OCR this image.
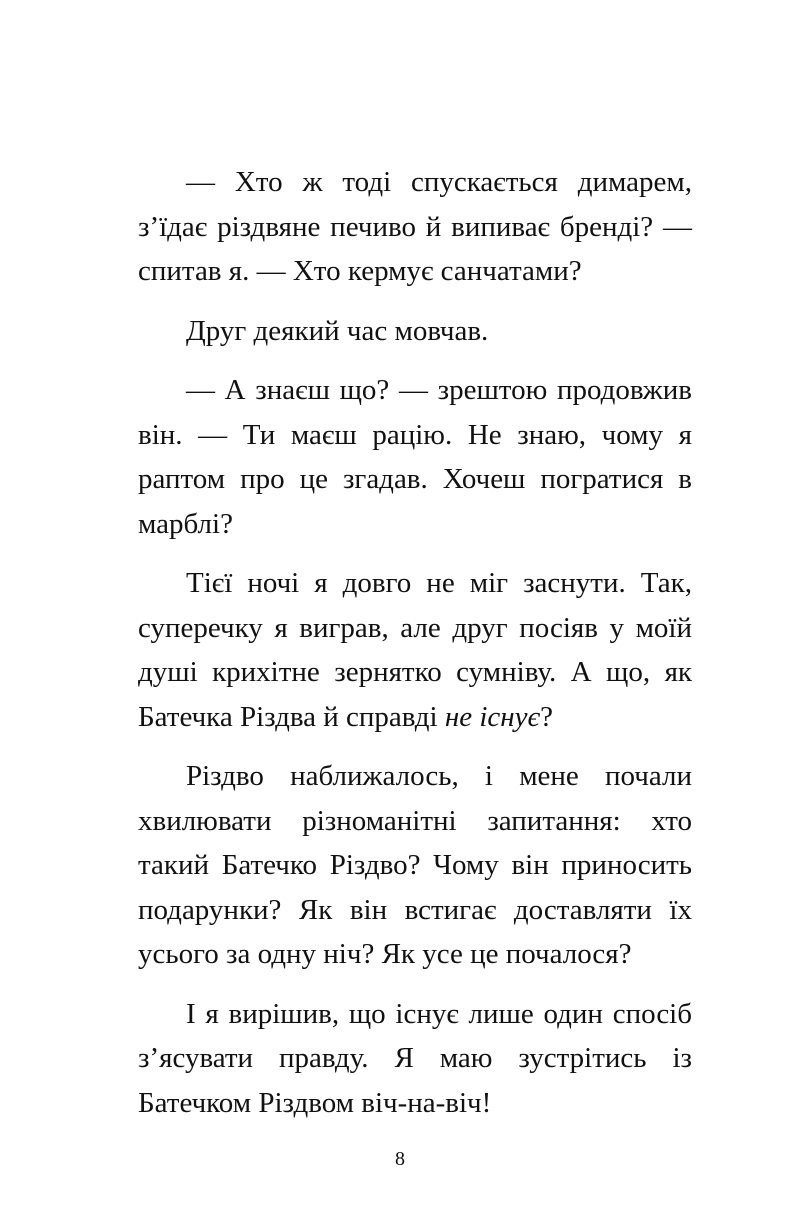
— Хто ж тоді спускається димарем, з’їдає різдвяне печиво й випиває бренді? — спитав я. — Хто кермує санчатами?

Друг деякий час мовчав.

— А знаєш що? — зрештою продовжив він. — Ти маєш рацію. Не знаю, чому я раптом про це згадав. Хочеш погратися в марблі?

Тієї ночі я довго не міг заснути. Так, суперечку я виграв, але друг посіяв у моїй душі крихітне зернятко сумніву. А що, як Батечка Різдва й справді не існує?

Різдво наближалось, і мене почали хвилювати різноманітні запитання: хто такий Батечко Різдво? Чому він приносить подарунки? Як він встигає доставляти їх усього за одну ніч? Як усе це почалося?

І я вирішив, що існує лише один спосіб з’ясувати правду. Я маю зустрітись із Батечком Різдвом віч-на-віч!

8
